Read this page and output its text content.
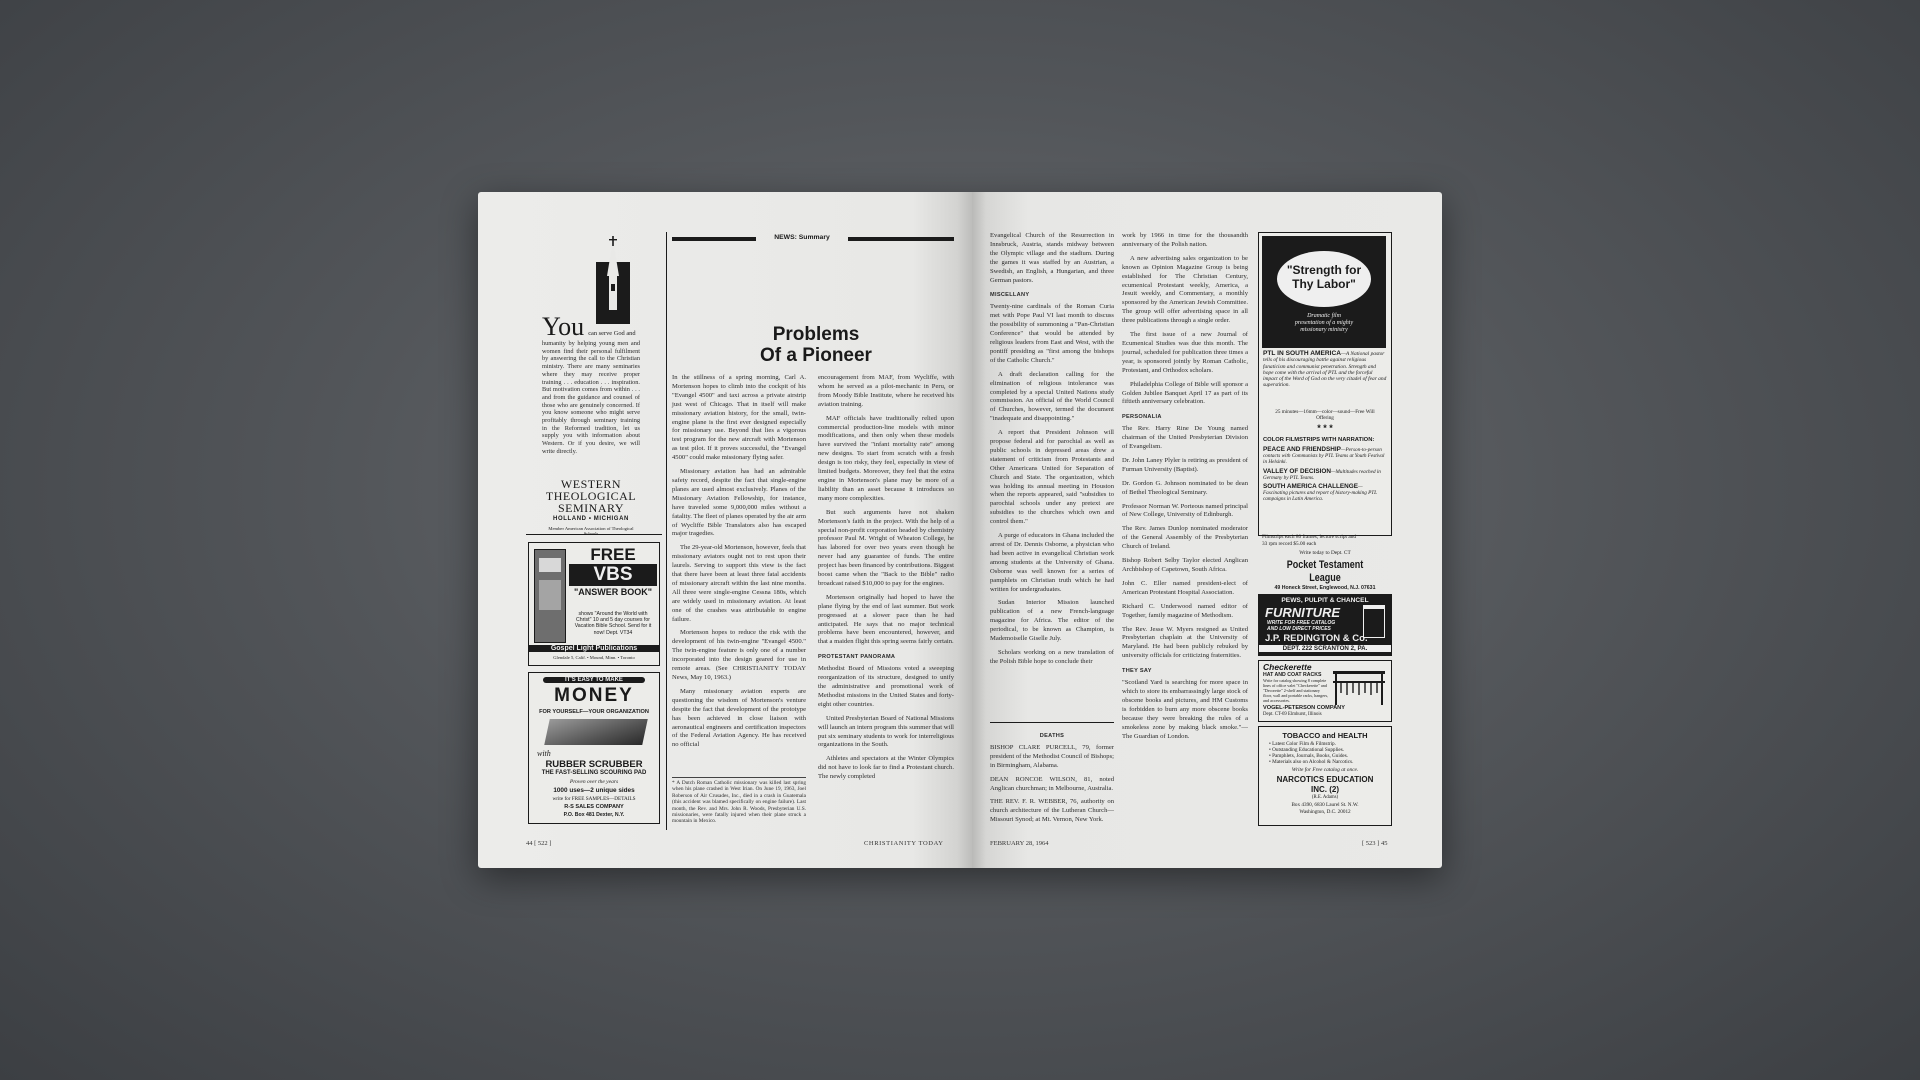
You can serve God and
humanity by helping young men and women find their personal fulfilment by answering the call to the Christian ministry. There are many seminaries where they may receive proper training . . . education . . . inspiration. But motivation comes from within . . . and from the guidance and counsel of those who are genuinely concerned. If you know someone who might serve profitably through seminary training in the Reformed tradition, let us supply you with information about Western. Or if you desire, we will write directly.
WESTERN
THEOLOGICAL
SEMINARY
HOLLAND • MICHIGAN
Member American Association of Theological
FREE
VBS
"ANSWER BOOK"
shows "Around the World with Christ" 10 and 5 day courses for Vacation Bible School. Send for it now! Dept. VT34
Gospel Light Publications
Glendale 5, Calif. • Mound, Minn. • Toronto
IT'S EASY TO MAKE
MONEY
FOR YOURSELF—YOUR ORGANIZATION
with
RUBBER SCRUBBER
THE FAST-SELLING SCOURING PAD
Proven over the years
1000 uses—2 unique sides
write for FREE SAMPLES—DETAILS
R-S SALES COMPANY
P.O. Box 481 Dexter, N.Y.
NEWS: Summary
Problems
Of a Pioneer

In the stillness of a spring morning, Carl A. Mortenson hopes to climb into the cockpit of his "Evangel 4500" and taxi across a private airstrip just west of Chicago. That in itself will make missionary aviation history, for the small, twin-engine plane is the first ever designed especially for missionary use. Beyond that lies a vigorous test program for the new aircraft with Mortenson as test pilot. If it proves successful, the "Evangel 4500" could make missionary flying safer.

Missionary aviation has had an admirable safety record, despite the fact that single-engine planes are used almost exclusively. Planes of the Missionary Aviation Fellowship, for instance, have traveled some 9,000,000 miles without a fatality. The fleet of planes operated by the air arm of Wycliffe Bible Translators also has escaped major tragedies.

The 29-year-old Mortenson, however, feels that missionary aviators ought not to rest upon their laurels. Serving to support this view is the fact that there have been at least three fatal accidents of missionary aircraft within the last nine months. All three were single-engine Cessna 180s, which are widely used in missionary aviation. At least one of the crashes was attributable to engine failure.

Mortenson hopes to reduce the risk with the development of his twin-engine "Evangel 4500." The twin-engine feature is only one of a number incorporated into the design geared for use in remote areas. (See CHRISTIANITY TODAY News, May 10, 1963.)

Many missionary aviation experts are questioning the wisdom of Mortenson's venture despite the fact that development of the prototype has been achieved in close liaison with aeronautical engineers and certification inspectors of the Federal Aviation Agency. He has received no official

* A Dutch Roman Catholic missionary was killed last spring when his plane crashed in West Irian. On June 19, 1963, Joel Roberson of Air Crusades, Inc., died in a crash in Guatemala (this accident was blamed specifically on engine failure). Last month, the Rev. and Mrs. John R. Woods, Presbyterian U.S. missionaries, were fatally injured when their plane struck a mountain in Mexico.

encouragement from MAF, from Wycliffe, with whom he served as a pilot-mechanic in Peru, or from Moody Bible Institute, where he received his aviation training.

MAF officials have traditionally relied upon commercial production-line models with minor modifications, and then only when these models have survived the "infant mortality rate" among new designs. To start from scratch with a fresh design is too risky, they feel, especially in view of limited budgets. Moreover, they feel that the extra engine in Mortenson's plane may be more of a liability than an asset because it introduces so many more complexities.

But such arguments have not shaken Mortenson's faith in the project. With the help of a special non-profit corporation headed by chemistry professor Paul M. Wright of Wheaton College, he has labored for over two years even though he never had any guarantee of funds. The entire project has been financed by contributions. Biggest boost came when the "Back to the Bible" radio broadcast raised $10,000 to pay for the engines.

Mortenson originally had hoped to have the plane flying by the end of last summer. But work progressed at a slower pace than he had anticipated. He says that no major technical problems have been encountered, however, and that a maiden flight this spring seems fairly certain.

PROTESTANT PANORAMA

Methodist Board of Missions voted a sweeping reorganization of its structure, designed to unify the administrative and promotional work of Methodist missions in the United States and forty-eight other countries.

United Presbyterian Board of National Missions will launch an intern program this summer that will put six seminary students to work for interreligious organizations in the South.

Athletes and spectators at the Winter Olympics did not have to look far to find a Protestant church. The newly completed

44 [ 522 ]	CHRISTIANITY TODAY

Evangelical Church of the Resurrection in Innsbruck, Austria, stands midway between the Olympic village and the stadium. During the games it was staffed by an Austrian, a Swedish, an English, a Hungarian, and three German pastors.

MISCELLANY

Twenty-nine cardinals of the Roman Curia met with Pope Paul VI last month to discuss the possibility of summoning a "Pan-Christian Conference" that would be attended by religious leaders from East and West, with the pontiff presiding as "first among the bishops of the Catholic Church."

A draft declaration calling for the elimination of religious intolerance was completed by a special United Nations study commission. An official of the World Council of Churches, however, termed the document "inadequate and disappointing."

A report that President Johnson will propose federal aid for parochial as well as public schools in depressed areas drew a statement of criticism from Protestants and Other Americans United for Separation of Church and State. The organization, which was holding its annual meeting in Houston when the reports appeared, said "subsidies to parochial schools under any pretext are subsidies to the churches which own and control them."

A purge of educators in Ghana included the arrest of Dr. Dennis Osborne, a physician who had been active in evangelical Christian work among students at the University of Ghana. Osborne was well known for a series of pamphlets on Christian truth which he had written for undergraduates.

Sudan Interior Mission launched publication of a new French-language magazine for Africa. The editor of the periodical, to be known as Champion, is Mademoiselle Giselle July.

Scholars working on a new translation of the Polish Bible hope to conclude their

DEATHS

BISHOP CLARE PURCELL, 79, former president of the Methodist Council of Bishops; in Birmingham, Alabama.

DEAN RONCOE WILSON, 81, noted Anglican churchman; in Melbourne, Australia.

THE REV. F. R. WEBBER, 76, authority on church architecture of the Lutheran Church—Missouri Synod; at Mt. Vernon, New York.

work by 1966 in time for the thousandth anniversary of the Polish nation.

A new advertising sales organization to be known as Opinion Magazine Group is being established for The Christian Century, ecumenical Protestant weekly, America, a Jesuit weekly, and Commentary, a monthly sponsored by the American Jewish Committee. The group will offer advertising space in all three publications through a single order.

The first issue of a new Journal of Ecumenical Studies was due this month. The journal, scheduled for publication three times a year, is sponsored jointly by Roman Catholic, Protestant, and Orthodox scholars.

Philadelphia College of Bible will sponsor a Golden Jubilee Banquet April 17 as part of its fiftieth anniversary celebration.

PERSONALIA

The Rev. Harry Rine De Young named chairman of the United Presbyterian Division of Evangelism.

Dr. John Laney Plyler is retiring as president of Furman University (Baptist).

Dr. Gordon G. Johnson nominated to be dean of Bethel Theological Seminary.

Professor Norman W. Porteous named principal of New College, University of Edinburgh.

The Rev. James Dunlop nominated moderator of the General Assembly of the Presbyterian Church of Ireland.

Bishop Robert Selby Taylor elected Anglican Archbishop of Capetown, South Africa.

John C. Eller named president-elect of American Protestant Hospital Association.

Richard C. Underwood named editor of Together, family magazine of Methodism.

The Rev. Jesse W. Myers resigned as United Presbyterian chaplain at the University of Maryland. He had been publicly rebuked by university officials for criticizing fraternities.

THEY SAY

"Scotland Yard is searching for more space in which to store its embarrassingly large stock of obscene books and pictures, and HM Customs is forbidden to burn any more obscene books because they were breaking the rules of a smokeless zone by making black smoke."—The Guardian of London.

"Strength for
Thy Labor"
Dramatic film
presentation of a mighty
missionary ministry
PTL IN SOUTH AMERICA—A National pastor tells of his discouraging battle against religious fanaticism and communist penetration. Strength and hope come with the arrival of PTL and the forceful impact of the Word of God on the very citadel of fear and superstition.
25 minutes—16mm—color—sound—Free Will Offering
* * *
COLOR FILMSTRIPS WITH NARRATION:
PEACE AND FRIENDSHIP—Person-to-person contacts with Communists by PTL Teams at Youth Festival in Helsinki.
VALLEY OF DECISION—Multitudes reached in Germany by PTL Teams.
SOUTH AMERICA CHALLENGE—Fascinating pictures and report of history-making PTL campaigns in Latin America.
Filmstrips each 80 frames, lecture script and
33 rpm record $5.00 each
Write today to Dept. CT
Pocket Testament League
49 Honeck Street, Englewood, N.J. 07631
PEWS, PULPIT & CHANCEL
FURNITURE
WRITE FOR FREE CATALOG
AND LOW DIRECT PRICES
J.P. REDINGTON & Co.
DEPT. 222 SCRANTON 2, PA.
Checkerette
HAT AND COAT RACKS
Write for catalog showing 8 complete lines of office valet "Checkerette" and "Decorette" 2-shelf and stationary floor, wall and portable racks, hangers, and accessories.
VOGEL-PETERSON COMPANY
Dept. CT-69 Elmhurst, Illinois
TOBACCO and HEALTH
• Latest Color Film & Filmstrip.
• Outstanding Educational Supplies.
• Pamphlets, Journals, Books, Guides.
• Materials also on Alcohol & Narcotics.
Write for Free catalog at once.
NARCOTICS EDUCATION
INC. (2)
(R.E. Adams)
Box 4390, 6830 Laurel St. N.W.
Washington, D.C. 20012
FEBRUARY 28, 1964	[ 523 ] 45
